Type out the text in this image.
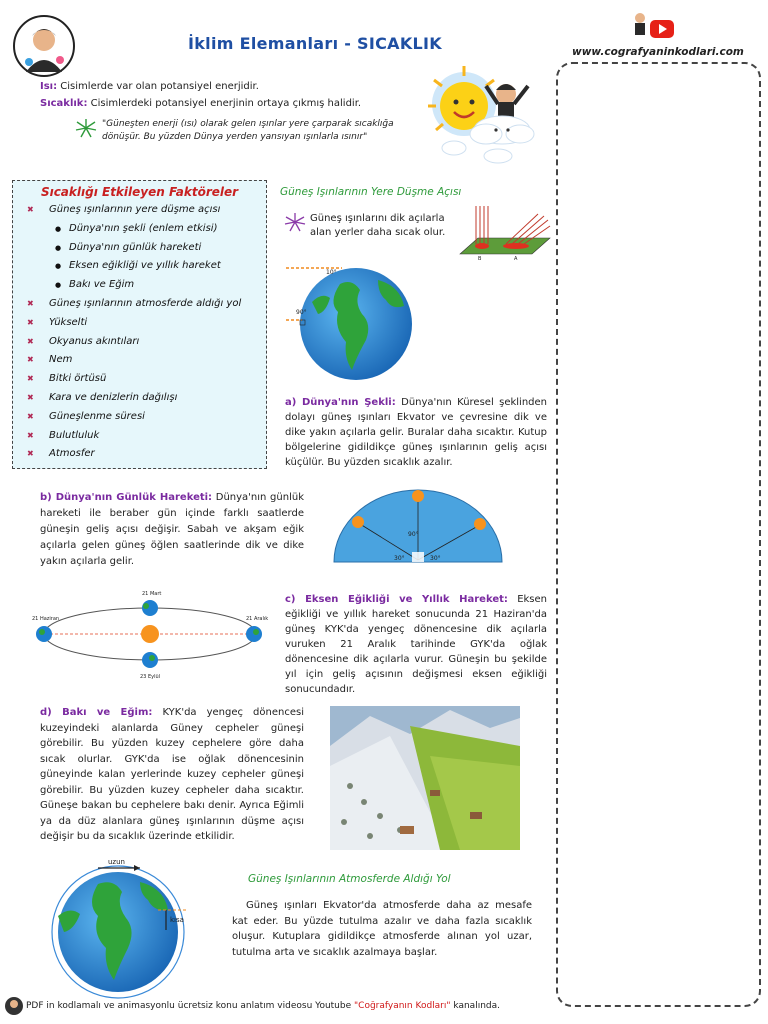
İklim Elemanları - SICAKLIK	www.cografyaninkodlari.com
Isı: Cisimlerde var olan potansiyel enerjidir.
Sıcaklık: Cisimlerdeki potansiyel enerjinin ortaya çıkmış halidir.
"Güneşten enerji (ısı) olarak gelen ışınlar yere çarparak sıcaklığa dönüşür. Bu yüzden Dünya yerden yansıyan ışınlarla ısınır"
Sıcaklığı Etkileyen Faktöreler
✖ Güneş ışınlarının yere düşme açısı
● Dünya'nın şekli (enlem etkisi)
● Dünya'nın günlük hareketi
● Eksen eğikliği ve yıllık hareket
● Bakı ve Eğim
✖ Güneş ışınlarının atmosferde aldığı yol
✖ Yükselti
✖ Okyanus akıntıları
✖ Nem
✖ Bitki örtüsü
✖ Kara ve denizlerin dağılışı
✖ Güneşlenme süresi
✖ Bulutluluk
✖ Atmosfer
Güneş Işınlarının Yere Düşme Açısı
Güneş ışınlarını dik açılarla alan yerler daha sıcak olur.
B	A
10°
90°
a) Dünya'nın Şekli: Dünya'nın Küresel şeklinden dolayı güneş ışınları Ekvator ve çevresine dik ve dike yakın açılarla gelir. Buralar daha sıcaktır. Kutup bölgelerine gidildikçe güneş ışınlarının geliş açısı küçülür. Bu yüzden sıcaklık azalır.
b) Dünya'nın Günlük Hareketi: Dünya'nın günlük hareketi ile beraber gün içinde farklı saatlerde güneşin geliş açısı değişir. Sabah ve akşam eğik açılarla gelen güneş öğlen saatlerinde dik ve dike yakın açılarla gelir.
90°
30°	30°
21 Mart
21 Aralık
21 Haziran
23 Eylül
c) Eksen Eğikliği ve Yıllık Hareket: Eksen eğikliği ve yıllık hareket sonucunda 21 Haziran'da güneş KYK'da yengeç dönencesine dik açılarla vuruken 21 Aralık tarihinde GYK'da oğlak dönencesine dik açılarla vurur. Güneşin bu şekilde yıl için geliş açısının değişmesi eksen eğikliği sonucundadır.
d) Bakı ve Eğim: KYK'da yengeç dönencesi kuzeyindeki alanlarda Güney cepheler güneşi görebilir. Bu yüzden kuzey cephelere göre daha sıcak olurlar. GYK'da ise oğlak dönencesinin güneyinde kalan yerlerinde kuzey cepheler güneşi görebilir. Bu yüzden kuzey cepheler daha sıcaktır. Güneşe bakan bu cephelere bakı denir. Ayrıca Eğimli ya da düz alanlara güneş ışınlarının düşme açısı değişir bu da sıcaklık üzerinde etkilidir.
uzun
kısa
Güneş Işınlarının Atmosferde Aldığı Yol
Güneş ışınları Ekvator'da atmosferde daha az mesafe kat eder. Bu yüzde tutulma azalır ve daha fazla sıcaklık oluşur. Kutuplara gidildikçe atmosferde alınan yol uzar, tutulma arta ve sıcaklık azalmaya başlar.
PDF in kodlamalı ve animasyonlu ücretsiz konu anlatım videosu Youtube "Coğrafyanın Kodları" kanalında.
